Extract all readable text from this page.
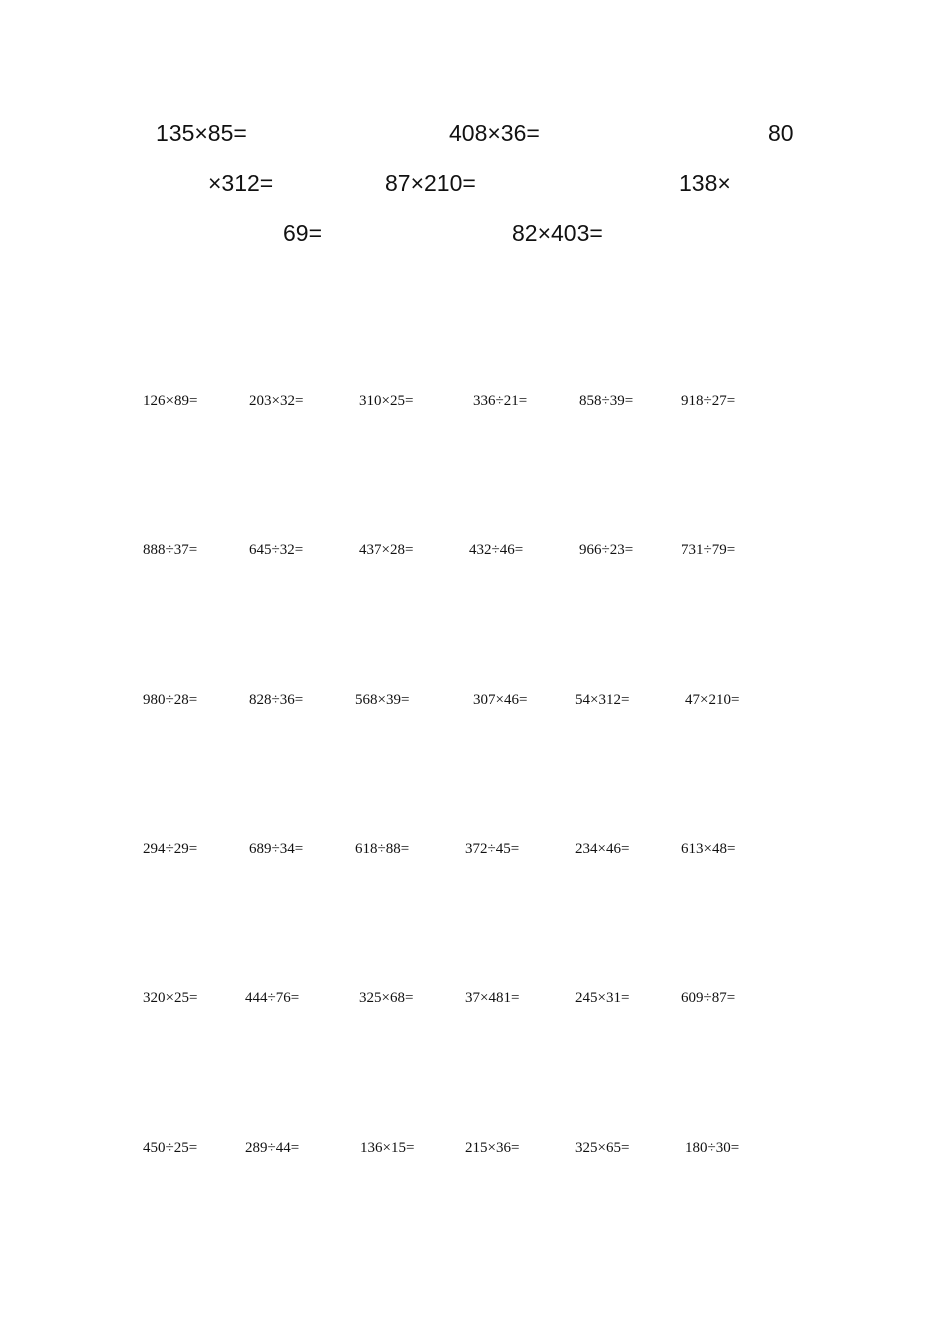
135×85=	408×36=	80
×312=	87×210=	138×
69=	82×403=
126×89=	203×32=	310×25=	336÷21=	858÷39=	918÷27=
888÷37=	645÷32=	437×28=	432÷46=	966÷23=	731÷79=
980÷28=	828÷36=	568×39=	307×46=	54×312=	47×210=
294÷29=	689÷34=	618÷88=	372÷45=	234×46=	613×48=
320×25=	444÷76=	325×68=	37×481=	245×31=	609÷87=
450÷25=	289÷44=	136×15=	215×36=	325×65=	180÷30=
